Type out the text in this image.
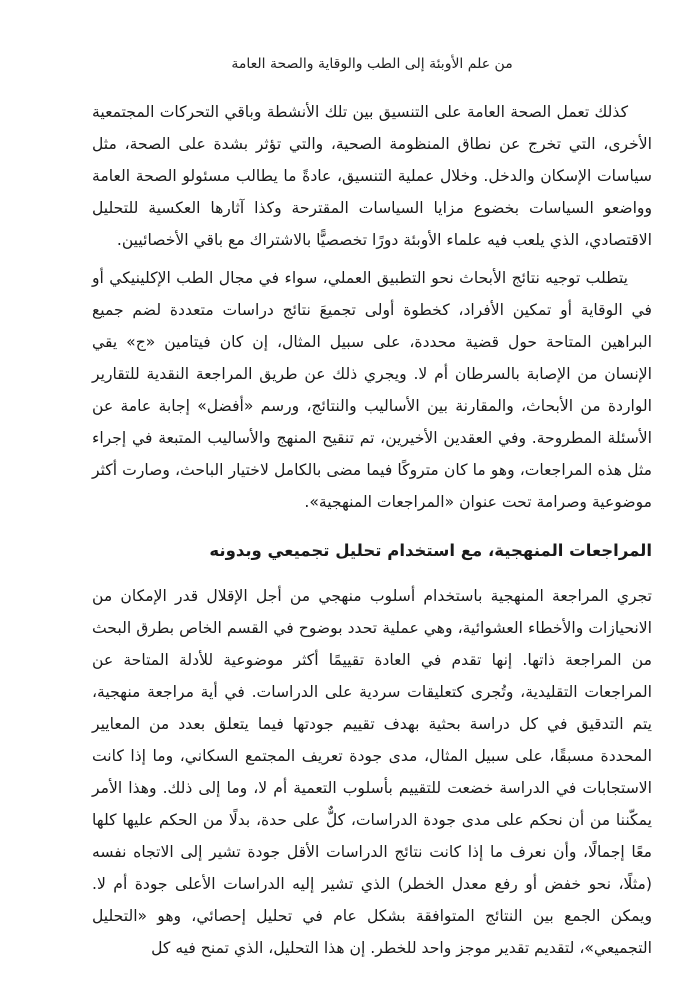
من علم الأوبئة إلى الطب والوقاية والصحة العامة

كذلك تعمل الصحة العامة على التنسيق بين تلك الأنشطة وباقي التحركات المجتمعية الأخرى، التي تخرج عن نطاق المنظومة الصحية، والتي تؤثر بشدة على الصحة، مثل سياسات الإسكان والدخل. وخلال عملية التنسيق، عادةً ما يطالب مسئولو الصحة العامة وواضعو السياسات بخضوع مزايا السياسات المقترحة وكذا آثارها العكسية للتحليل الاقتصادي، الذي يلعب فيه علماء الأوبئة دورًا تخصصيًّا بالاشتراك مع باقي الأخصائيين.

يتطلب توجيه نتائج الأبحاث نحو التطبيق العملي، سواء في مجال الطب الإكلينيكي أو في الوقاية أو تمكين الأفراد، كخطوة أولى تجميعَ نتائج دراسات متعددة لضم جميع البراهين المتاحة حول قضية محددة، على سبيل المثال، إن كان فيتامين «ج» يقي الإنسان من الإصابة بالسرطان أم لا. ويجري ذلك عن طريق المراجعة النقدية للتقارير الواردة من الأبحاث، والمقارنة بين الأساليب والنتائج، ورسم «أفضل» إجابة عامة عن الأسئلة المطروحة. وفي العقدين الأخيرين، تم تنقيح المنهج والأساليب المتبعة في إجراء مثل هذه المراجعات، وهو ما كان متروكًا فيما مضى بالكامل لاختيار الباحث، وصارت أكثر موضوعية وصرامة تحت عنوان «المراجعات المنهجية».

المراجعات المنهجية، مع استخدام تحليل تجميعي وبدونه

تجري المراجعة المنهجية باستخدام أسلوب منهجي من أجل الإقلال قدر الإمكان من الانحيازات والأخطاء العشوائية، وهي عملية تحدد بوضوح في القسم الخاص بطرق البحث من المراجعة ذاتها. إنها تقدم في العادة تقييمًا أكثر موضوعية للأدلة المتاحة عن المراجعات التقليدية، وتُجرى كتعليقات سردية على الدراسات. في أية مراجعة منهجية، يتم التدقيق في كل دراسة بحثية بهدف تقييم جودتها فيما يتعلق بعدد من المعايير المحددة مسبقًا، على سبيل المثال، مدى جودة تعريف المجتمع السكاني، وما إذا كانت الاستجابات في الدراسة خضعت للتقييم بأسلوب التعمية أم لا، وما إلى ذلك. وهذا الأمر يمكّننا من أن نحكم على مدى جودة الدراسات، كلٌّ على حدة، بدلًا من الحكم عليها كلها معًا إجمالًا، وأن نعرف ما إذا كانت نتائج الدراسات الأقل جودة تشير إلى الاتجاه نفسه (مثلًا، نحو خفض أو رفع معدل الخطر) الذي تشير إليه الدراسات الأعلى جودة أم لا. ويمكن الجمع بين النتائج المتوافقة بشكل عام في تحليل إحصائي، وهو «التحليل التجميعي»، لتقديم تقدير موجز واحد للخطر. إن هذا التحليل، الذي تمنح فيه كل
